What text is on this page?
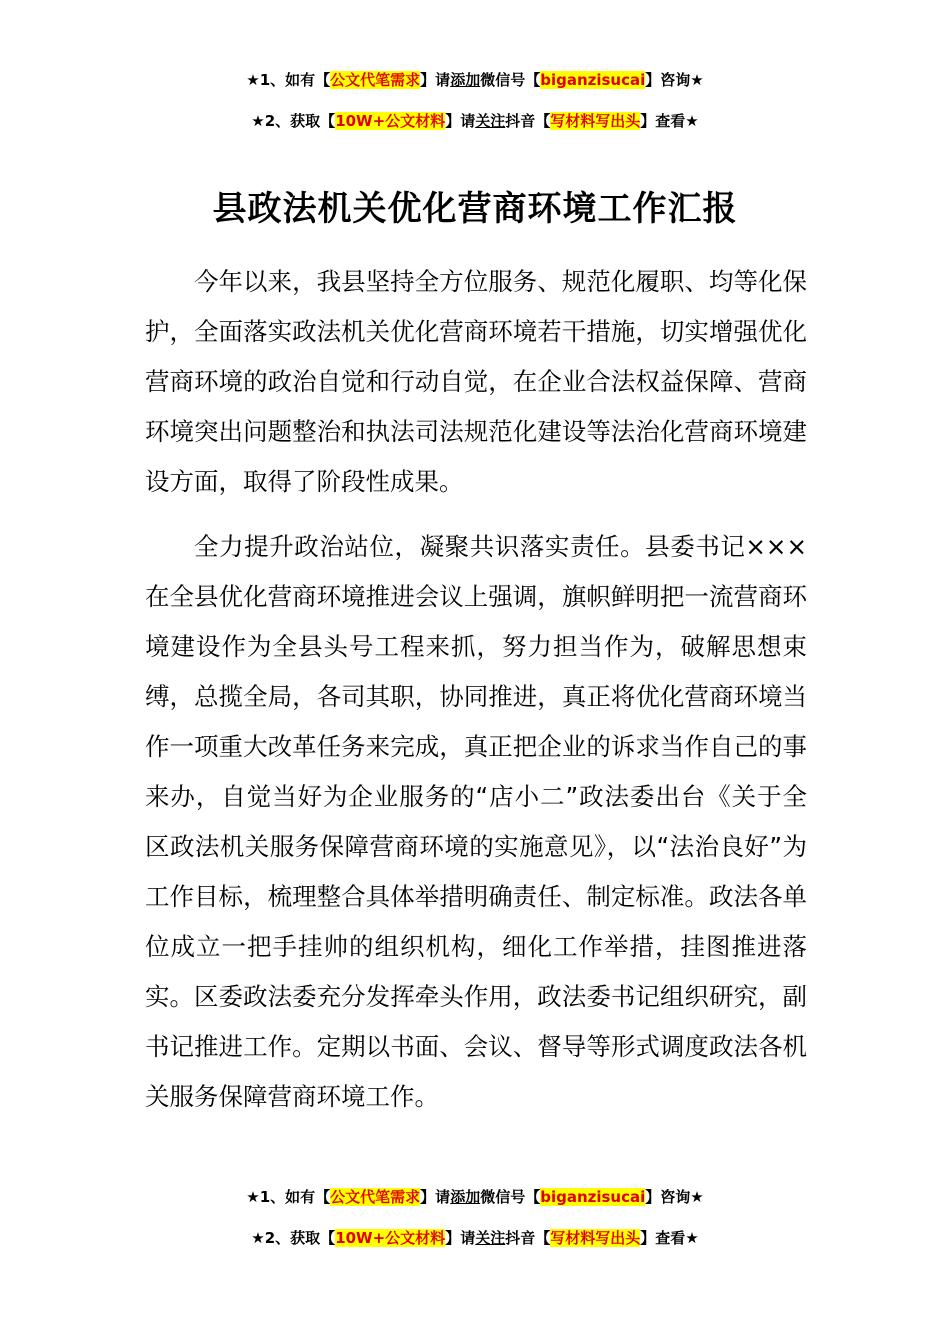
★1、如有【公文代笔需求】请添加微信号【biganzisucai】咨询★
★2、获取【10W+公文材料】请关注抖音【写材料写出头】查看★
县政法机关优化营商环境工作汇报

今年以来，我县坚持全方位服务、规范化履职、均等化保护，全面落实政法机关优化营商环境若干措施，切实增强优化营商环境的政治自觉和行动自觉，在企业合法权益保障、营商环境突出问题整治和执法司法规范化建设等法治化营商环境建设方面，取得了阶段性成果。

全力提升政治站位，凝聚共识落实责任。县委书记×××在全县优化营商环境推进会议上强调，旗帜鲜明把一流营商环境建设作为全县头号工程来抓，努力担当作为，破解思想束缚，总揽全局，各司其职，协同推进，真正将优化营商环境当作一项重大改革任务来完成，真正把企业的诉求当作自己的事来办，自觉当好为企业服务的“店小二”政法委出台《关于全区政法机关服务保障营商环境的实施意见》，以“法治良好”为工作目标，梳理整合具体举措明确责任、制定标准。政法各单位成立一把手挂帅的组织机构，细化工作举措，挂图推进落实。区委政法委充分发挥牵头作用，政法委书记组织研究，副书记推进工作。定期以书面、会议、督导等形式调度政法各机关服务保障营商环境工作。

★1、如有【公文代笔需求】请添加微信号【biganzisucai】咨询★
★2、获取【10W+公文材料】请关注抖音【写材料写出头】查看★
